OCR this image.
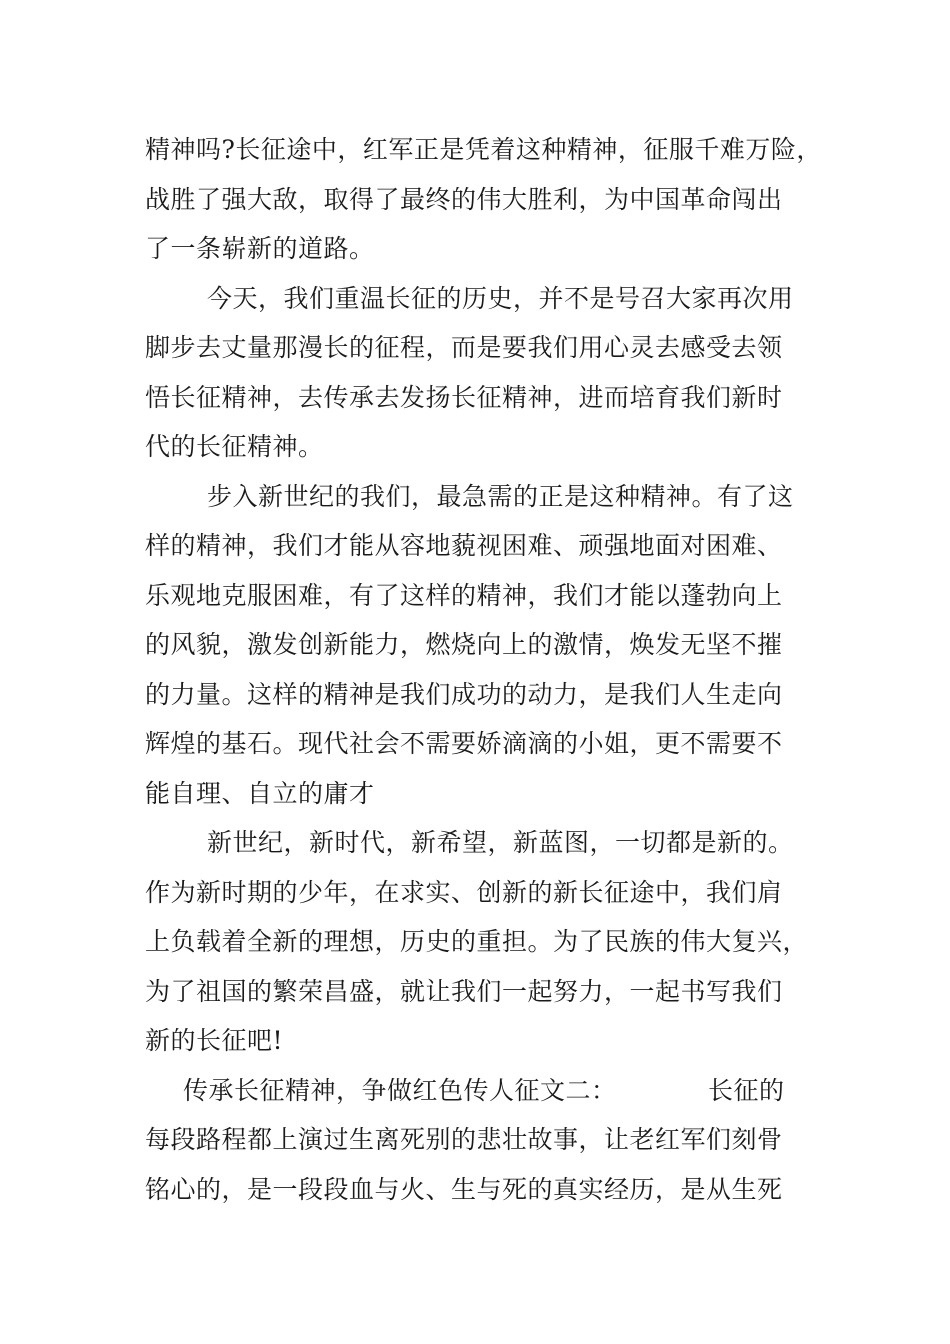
精神吗?长征途中，红军正是凭着这种精神，征服千难万险，
战胜了强大敌，取得了最终的伟大胜利，为中国革命闯出
了一条崭新的道路。
今天，我们重温长征的历史，并不是号召大家再次用
脚步去丈量那漫长的征程，而是要我们用心灵去感受去领
悟长征精神，去传承去发扬长征精神，进而培育我们新时
代的长征精神。
步入新世纪的我们，最急需的正是这种精神。有了这
样的精神，我们才能从容地藐视困难、顽强地面对困难、
乐观地克服困难，有了这样的精神，我们才能以蓬勃向上
的风貌，激发创新能力，燃烧向上的激情，焕发无坚不摧
的力量。这样的精神是我们成功的动力，是我们人生走向
辉煌的基石。现代社会不需要娇滴滴的小姐，更不需要不
能自理、自立的庸才
新世纪，新时代，新希望，新蓝图，一切都是新的。
作为新时期的少年，在求实、创新的新长征途中，我们肩
上负载着全新的理想，历史的重担。为了民族的伟大复兴，
为了祖国的繁荣昌盛，就让我们一起努力，一起书写我们
新的长征吧!
传承长征精神，争做红色传人征文二：	长征的
每段路程都上演过生离死别的悲壮故事，让老红军们刻骨
铭心的，是一段段血与火、生与死的真实经历，是从生死
